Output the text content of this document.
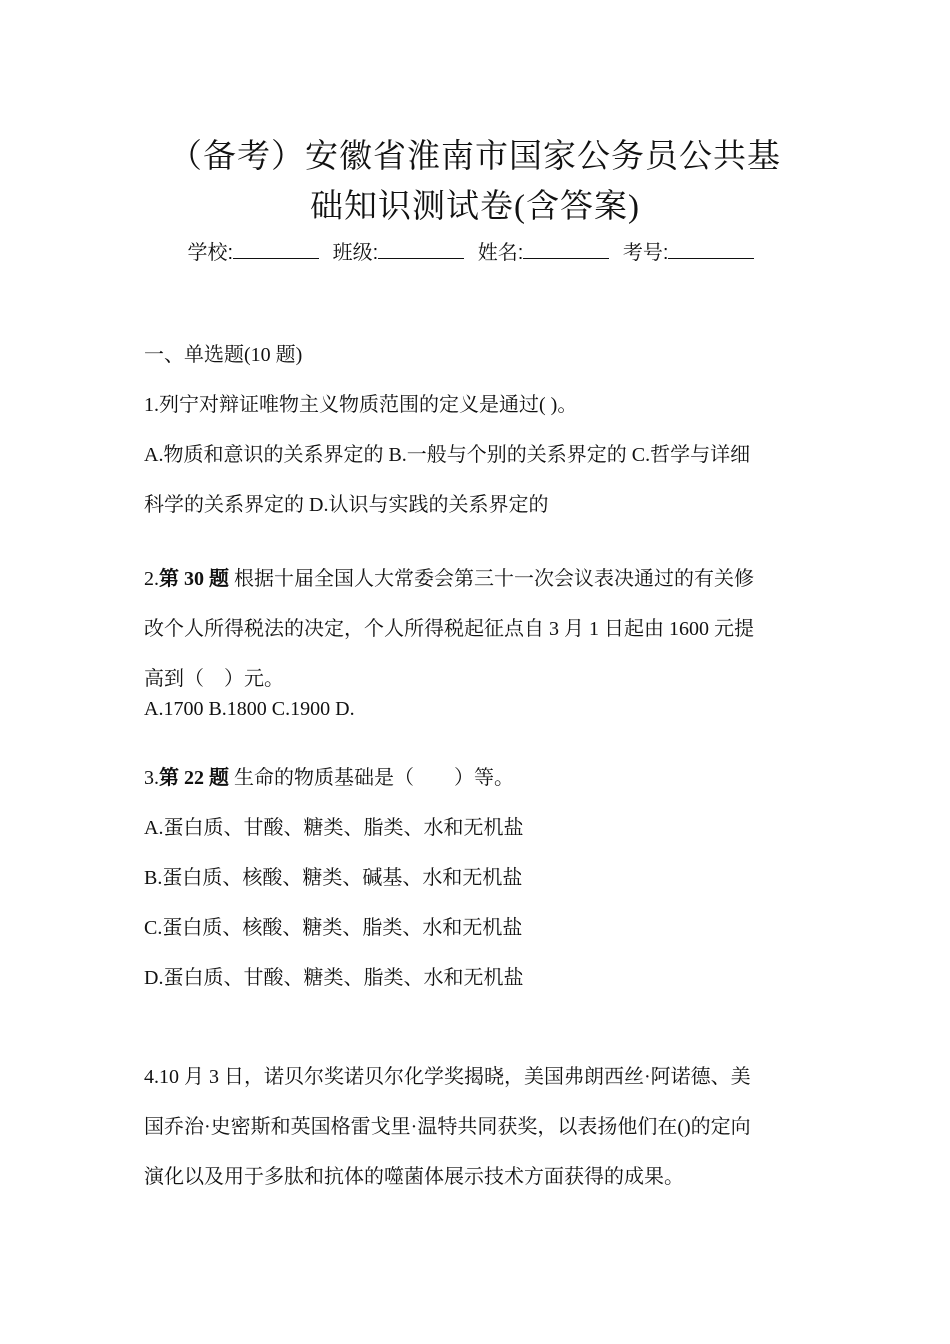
（备考）安徽省淮南市国家公务员公共基
础知识测试卷(含答案)
学校:	班级:	姓名:	考号:
一、单选题(10 题)
1.列宁对辩证唯物主义物质范围的定义是通过( )。
A.物质和意识的关系界定的 B.一般与个别的关系界定的 C.哲学与详细
科学的关系界定的 D.认识与实践的关系界定的
2.第 30 题 根据十届全国人大常委会第三十一次会议表决通过的有关修
改个人所得税法的决定，个人所得税起征点自 3 月 1 日起由 1600 元提
高到（　）元。
A.1700 B.1800 C.1900 D.
3.第 22 题 生命的物质基础是（　　）等。
A.蛋白质、甘酸、糖类、脂类、水和无机盐
B.蛋白质、核酸、糖类、碱基、水和无机盐
C.蛋白质、核酸、糖类、脂类、水和无机盐
D.蛋白质、甘酸、糖类、脂类、水和无机盐
4.10 月 3 日，诺贝尔奖诺贝尔化学奖揭晓，美国弗朗西丝·阿诺德、美
国乔治·史密斯和英国格雷戈里·温特共同获奖，以表扬他们在()的定向
演化以及用于多肽和抗体的噬菌体展示技术方面获得的成果。
